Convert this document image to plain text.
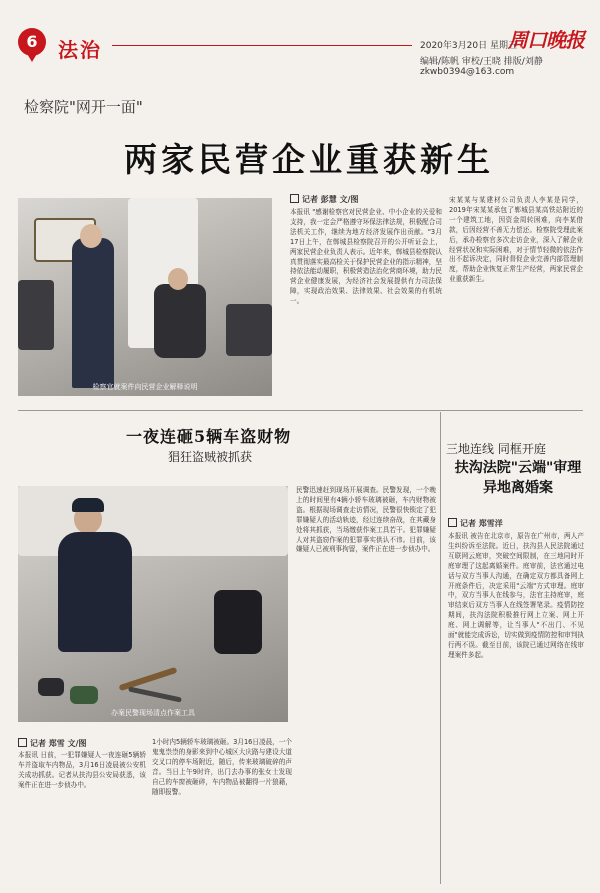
6	法治	2020年3月20日 星期五
编辑/陈帆 审校/王晓 排版/刘静 zkwb0394@163.com
周口晚报
检察院"网开一面"
两家民营企业重获新生
检察官就案件向民营企业解释说明
记者 彭慧 文/图
本报讯 "感谢检察官对民营企业、中小企业的关爱和支持，我一定会严格遵守环保法律法规，积极配合司法机关工作，继续为地方经济发展作出贡献。"3月17日上午，在郸城县检察院召开的公开听证会上，两家民营企业负责人表示。近年来，郸城县检察院认真贯彻落实最高检关于保护民营企业的指示精神，坚持依法能动履职，积极营造法治化营商环境，助力民营企业健康发展，为经济社会发展提供有力司法保障，实现政治效果、法律效果、社会效果的有机统一。
宋某某与某建材公司负责人李某是同学，2019年宋某某承包了郸城县某高铁站附近的一个建筑工地，因资金周转困难，向李某借款，后因经营不善无力偿还。检察院受理此案后，承办检察官多次走访企业，深入了解企业经营状况和实际困难，对于情节轻微的依法作出不起诉决定，同时督促企业完善内部管理制度，帮助企业恢复正常生产经营，两家民营企业重获新生。
一夜连砸5辆车盗财物
猖狂盗贼被抓获
办案民警现场清点作案工具
记者 郑雪 文/图
本报讯 日前，一犯罪嫌疑人一夜连砸5辆轿车并盗取车内物品，3月16日凌晨被公安机关成功抓获。记者从扶沟县公安局获悉，该案件正在进一步侦办中。
1小时内5辆轿车玻璃被砸。3月16日凌晨，一个鬼鬼祟祟的身影来到中心城区大庆路与建设大道交叉口的停车场附近，随后，传来玻璃破碎的声音。当日上午9时许，出门去办事的张女士发现自己的车窗被砸碎，车内物品被翻得一片狼藉，随即报警。
民警迅速赶到现场开展调查。民警发现，一个晚上的时间里有4辆小轿车玻璃被砸，车内财物被盗。根据现场调查走访情况，民警很快锁定了犯罪嫌疑人的活动轨迹，经过连续奋战，在其藏身处将其抓获，当场缴获作案工具若干。犯罪嫌疑人对其盗窃作案的犯罪事实供认不讳。目前，该嫌疑人已被刑事拘留，案件正在进一步侦办中。
三地连线 同框开庭
扶沟法院"云端"审理异地离婚案
记者 郑雪洋
本报讯 被告在北京市，原告在广州市，两人产生纠纷诉至法院。近日，扶沟县人民法院通过互联网云庭审，突破空间限制，在三地同时开庭审理了这起离婚案件。庭审前，法官通过电话与双方当事人沟通，在确定双方都具备网上开庭条件后，决定采用"云端"方式审理。庭审中，双方当事人在线参与，法官主持庭审，庭审结束后双方当事人在线签署笔录。疫情防控期间，扶沟法院积极推行网上立案、网上开庭、网上调解等，让当事人"不出门、不见面"就能完成诉讼，切实做到疫情防控和审判执行两不误。截至目前，该院已通过网络在线审理案件多起。
